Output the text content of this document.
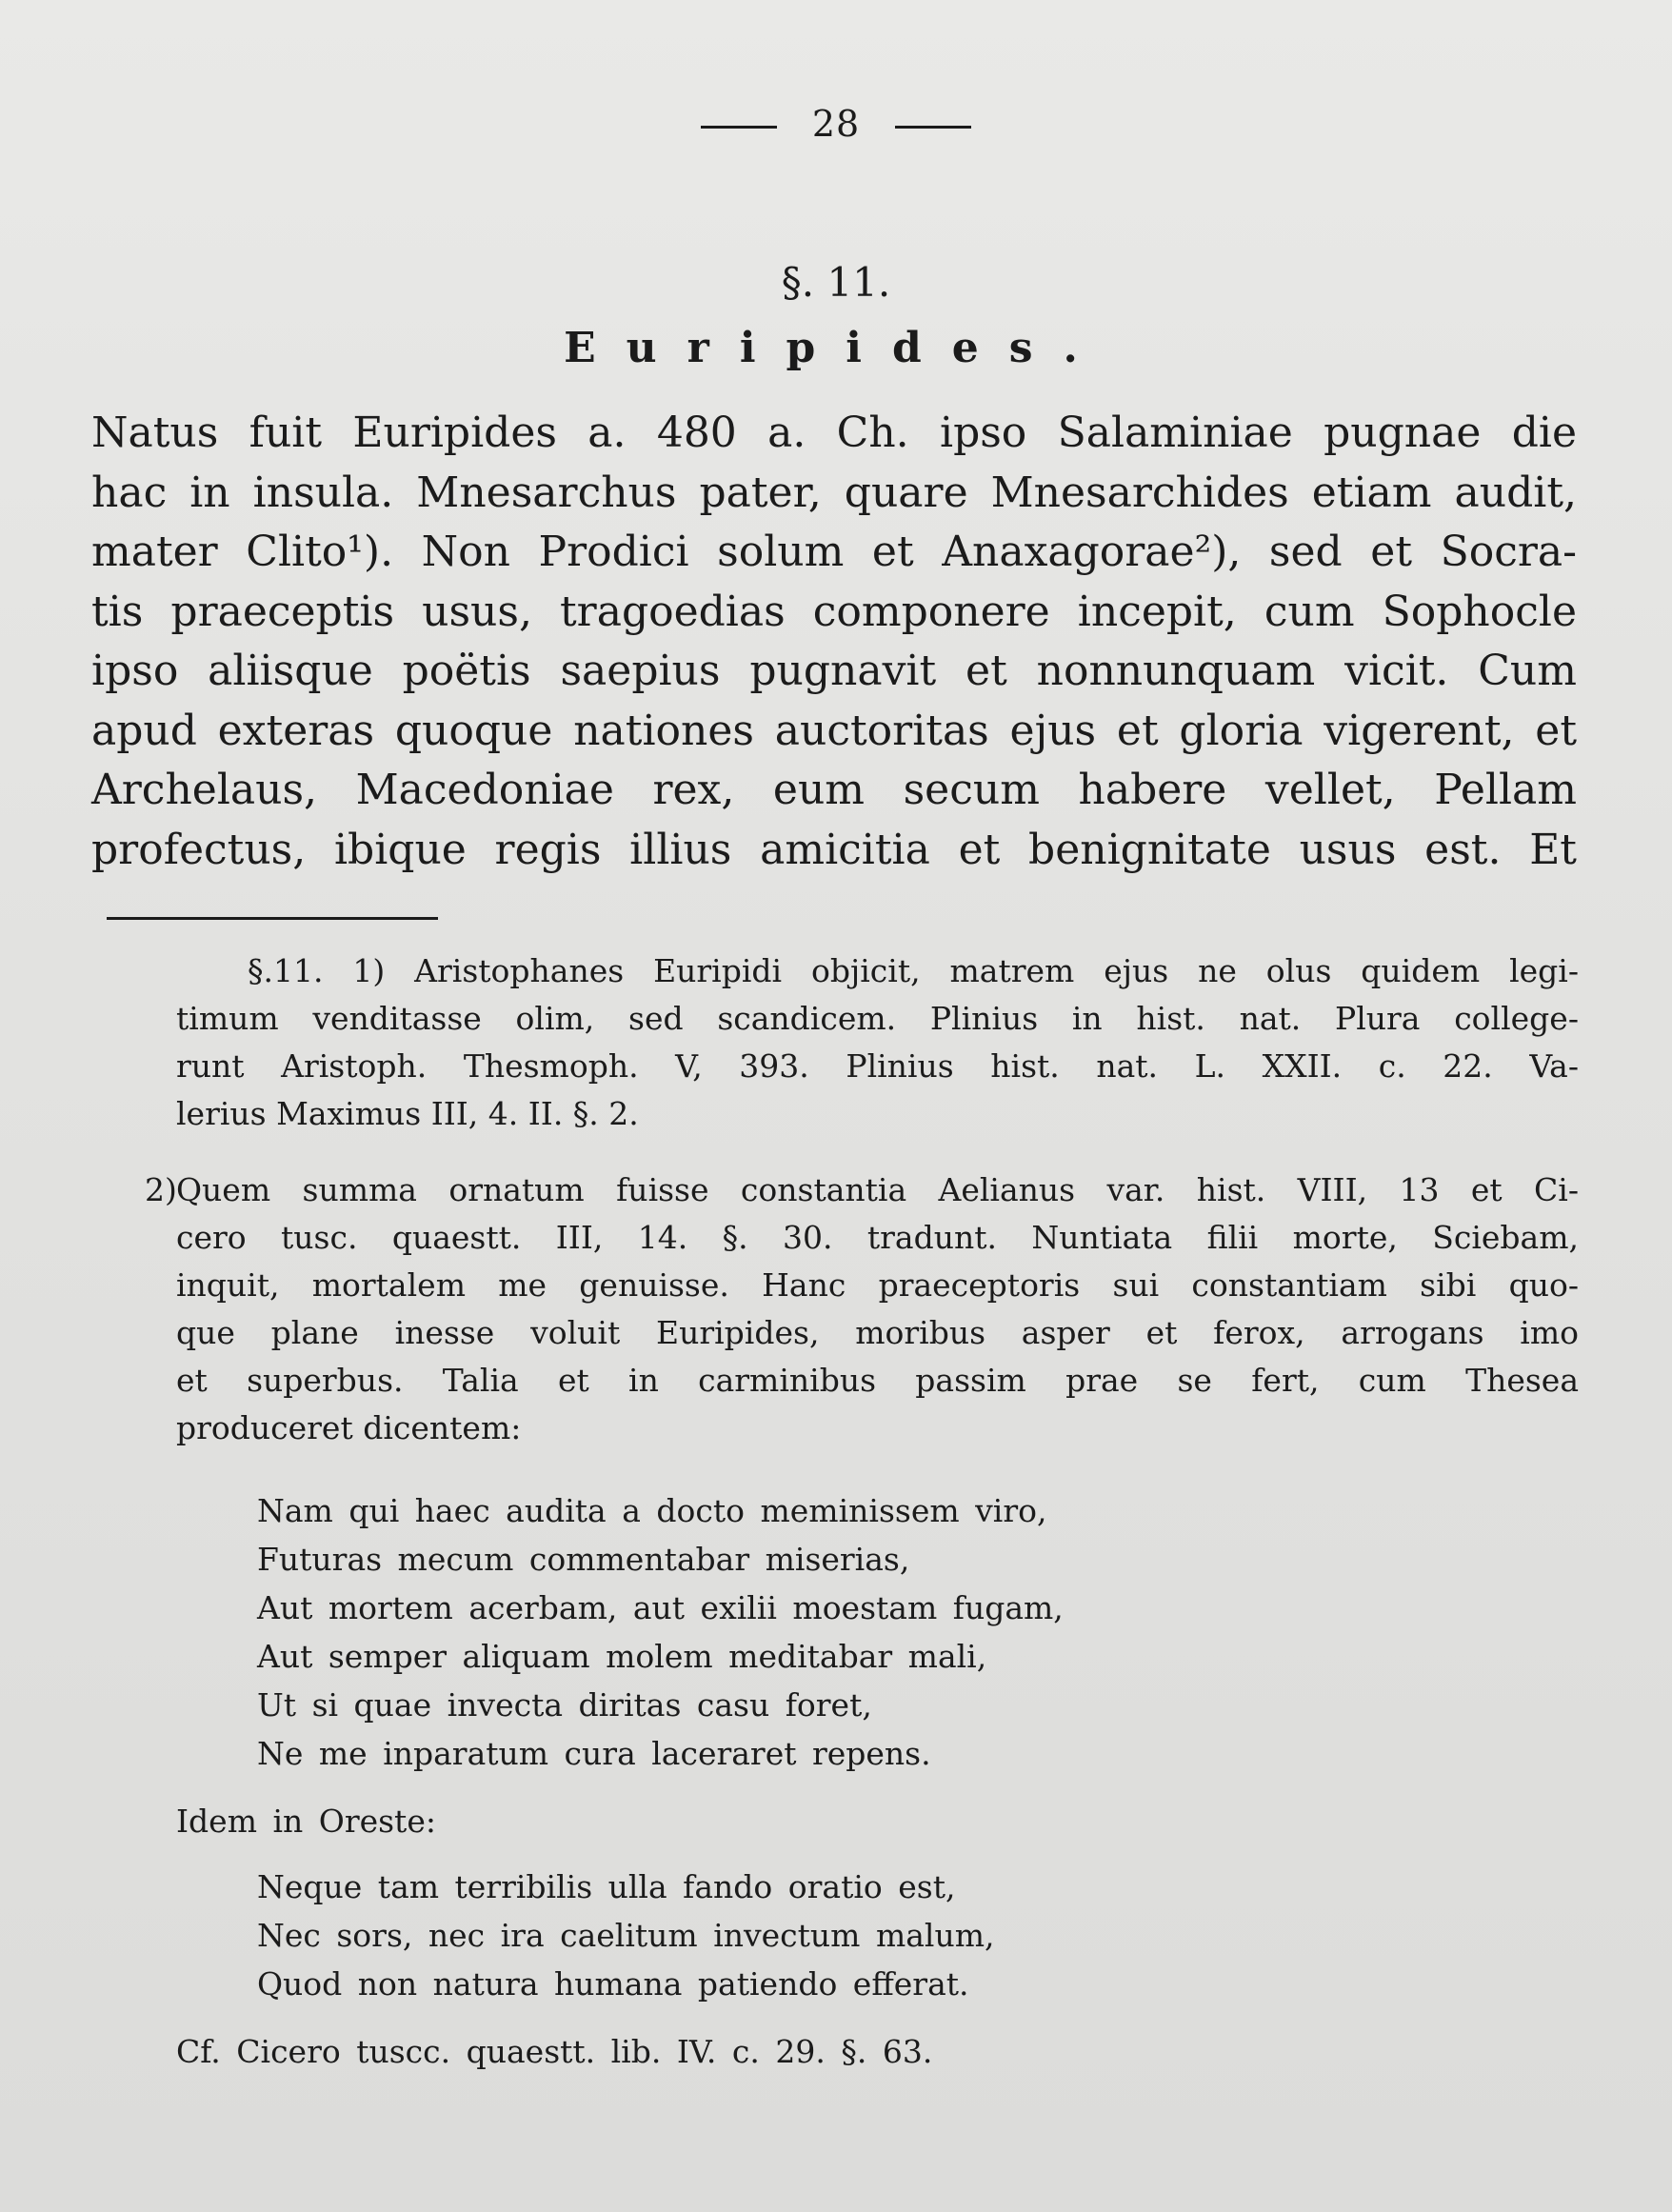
28
§. 11.
Euripides.
Natus fuit Euripides a. 480 a. Ch. ipso Salaminiae pugnae die
hac in insula. Mnesarchus pater, quare Mnesarchides etiam audit,
mater Clito¹). Non Prodici solum et Anaxagorae²), sed et Socra-
tis praeceptis usus, tragoedias componere incepit, cum Sophocle
ipso aliisque poëtis saepius pugnavit et nonnunquam vicit. Cum
apud exteras quoque nationes auctoritas ejus et gloria vigerent, et
Archelaus, Macedoniae rex, eum secum habere vellet, Pellam
profectus, ibique regis illius amicitia et benignitate usus est. Et
§.11. 1) Aristophanes Euripidi objicit, matrem ejus ne olus quidem legi-
timum venditasse olim, sed scandicem. Plinius in hist. nat. Plura college-
runt Aristoph. Thesmoph. V, 393. Plinius hist. nat. L. XXII. c. 22. Va-
lerius Maximus III, 4. II. §. 2.
2) Quem summa ornatum fuisse constantia Aelianus var. hist. VIII, 13 et Ci-
cero tusc. quaestt. III, 14. §. 30. tradunt. Nuntiata filii morte, Sciebam,
inquit, mortalem me genuisse. Hanc praeceptoris sui constantiam sibi quo-
que plane inesse voluit Euripides, moribus asper et ferox, arrogans imo
et superbus. Talia et in carminibus passim prae se fert, cum Thesea
produceret dicentem:
Nam qui haec audita a docto meminissem viro,
Futuras mecum commentabar miserias,
Aut mortem acerbam, aut exilii moestam fugam,
Aut semper aliquam molem meditabar mali,
Ut si quae invecta diritas casu foret,
Ne me inparatum cura laceraret repens.
Idem in Oreste:
Neque tam terribilis ulla fando oratio est,
Nec sors, nec ira caelitum invectum malum,
Quod non natura humana patiendo efferat.
Cf. Cicero tuscc. quaestt. lib. IV. c. 29. §. 63.
